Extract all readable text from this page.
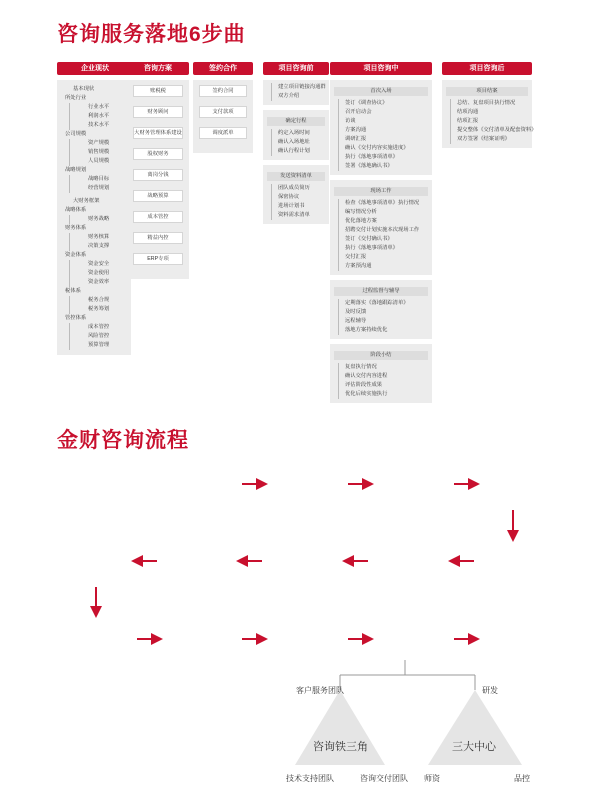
咨询服务落地6步曲
企业现状
基本现状
所处行业
行业水平
利润水平
技术水平
公司规模
资产规模
销售规模
人员规模
战略规划
战略目标
经营规划
大财务框架
战略体系
财务战略
财务体系
财务核算
决策支撑
资金体系
资金安全
资金使用
资金效率
税体系
税务合规
税务筹划
管控体系
成本管控
风险管控
预算管理
咨询方案
账税税
财务顾问
大财务管理体系建设
股权财务
离岗分钱
战略预算
成本管控
精益内控
ERP专项
签约合作
签约合同
支付款项
调度派单
项目咨询前
建立项目链接沟通群
双方介绍
确定行程
约定入场时间
确认入场地址
确认行程计划
发送资料清单
团队成员简历
保密协议
进场计划书
资料需求清单
项目咨询中
首次入场
签订《调查协议》
召开启动会
访谈
方案沟通
调研汇报
确认《交付内容实施进度》
执行《落地事项清单》
签署《落地确认书》
现场工作
检查《落地事项清单》执行情况
编写情况分析
优化落地方案
招聘交付计划实施本次现场工作
签订《交付确认书》
执行《落地事项清单》
交付汇报
方案预沟通
过程监督与辅导
定期落实《落地跟踪清单》
及时反馈
远程辅导
落地方案持续优化
阶段小结
复盘执行情况
确认交付内容进程
评估阶段性成果
优化后续实施执行
项目咨询后
项目结案
总结、复盘项目执行情况
结项沟通
结项汇报
提交整体《交付清单及配套资料》
双方签署《结案证明》
金财咨询流程
客户服务团队
咨询铁三角
技术支持团队	咨询交付团队
研发
三大中心
师资	品控
